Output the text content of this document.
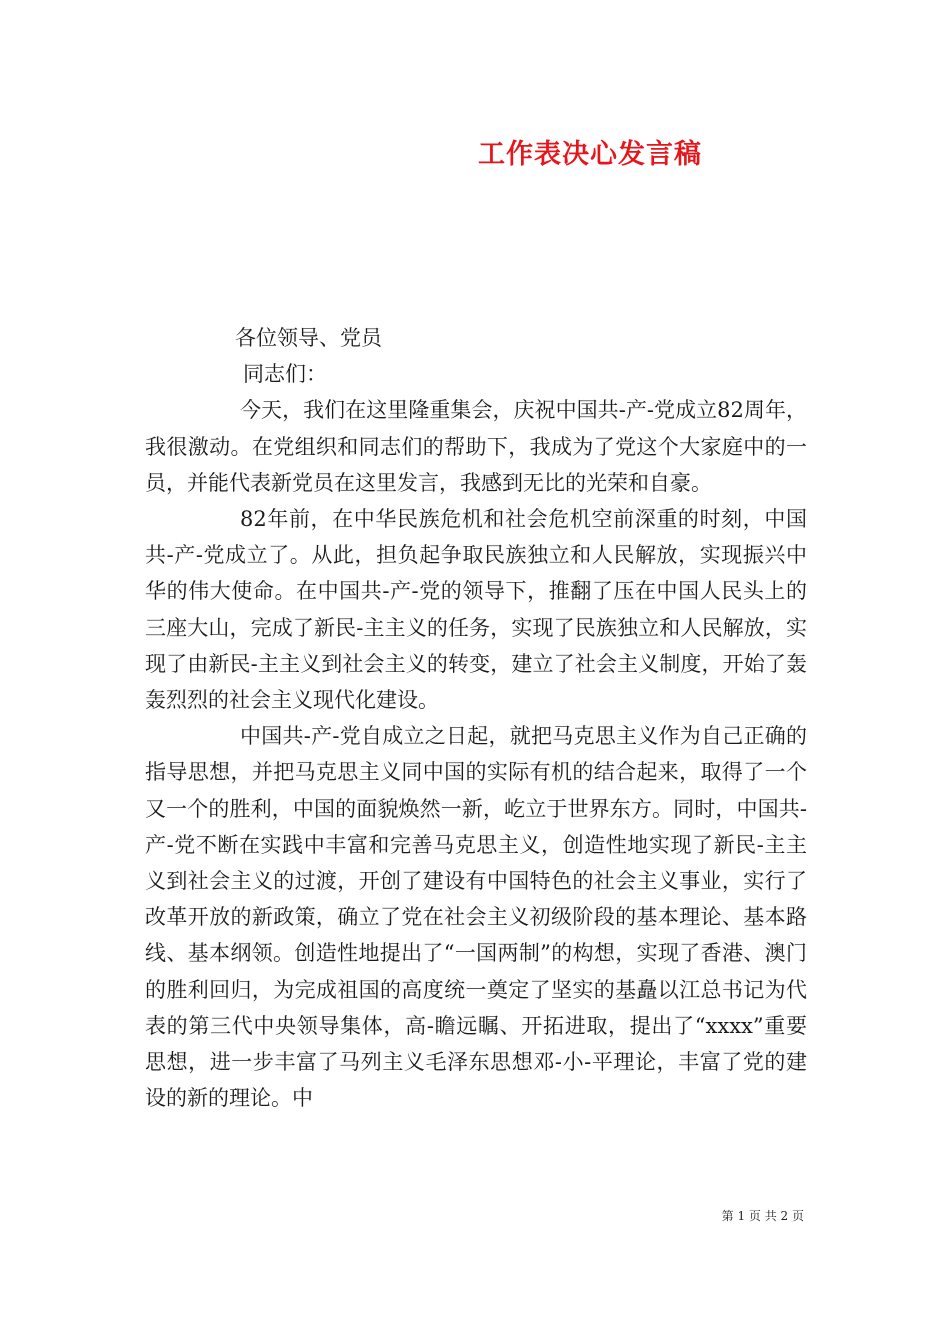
工作表决心发言稿

各位领导、党员

同志们：

今天，我们在这里隆重集会，庆祝中国共-产-党成立82周年，我很激动。在党组织和同志们的帮助下，我成为了党这个大家庭中的一员，并能代表新党员在这里发言，我感到无比的光荣和自豪。

82年前，在中华民族危机和社会危机空前深重的时刻，中国共-产-党成立了。从此，担负起争取民族独立和人民解放，实现振兴中华的伟大使命。在中国共-产-党的领导下，推翻了压在中国人民头上的三座大山，完成了新民-主主义的任务，实现了民族独立和人民解放，实现了由新民-主主义到社会主义的转变，建立了社会主义制度，开始了轰轰烈烈的社会主义现代化建设。

中国共-产-党自成立之日起，就把马克思主义作为自己正确的指导思想，并把马克思主义同中国的实际有机的结合起来，取得了一个又一个的胜利，中国的面貌焕然一新，屹立于世界东方。同时，中国共-产-党不断在实践中丰富和完善马克思主义，创造性地实现了新民-主主义到社会主义的过渡，开创了建设有中国特色的社会主义事业，实行了改革开放的新政策，确立了党在社会主义初级阶段的基本理论、基本路线、基本纲领。创造性地提出了“一国两制”的构想，实现了香港、澳门的胜利回归，为完成祖国的高度统一奠定了坚实的基矗以江总书记为代表的第三代中央领导集体，高-瞻远瞩、开拓进取，提出了“xxxx”重要思想，进一步丰富了马列主义毛泽东思想邓-小-平理论，丰富了党的建设的新的理论。中

第 1 页 共 2 页
